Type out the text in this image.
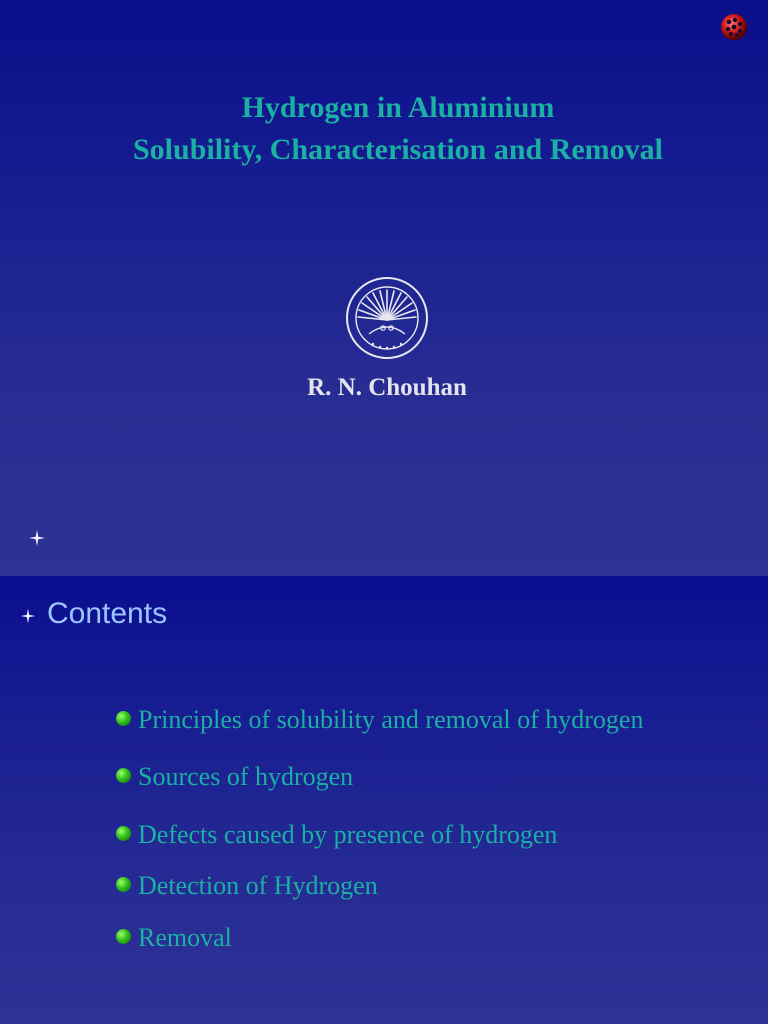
Hydrogen in Aluminium
Solubility, Characterisation and Removal
R. N. Chouhan
Contents
Principles of solubility and removal of hydrogen
Sources of hydrogen
Defects caused by presence of hydrogen
Detection of Hydrogen
Removal
